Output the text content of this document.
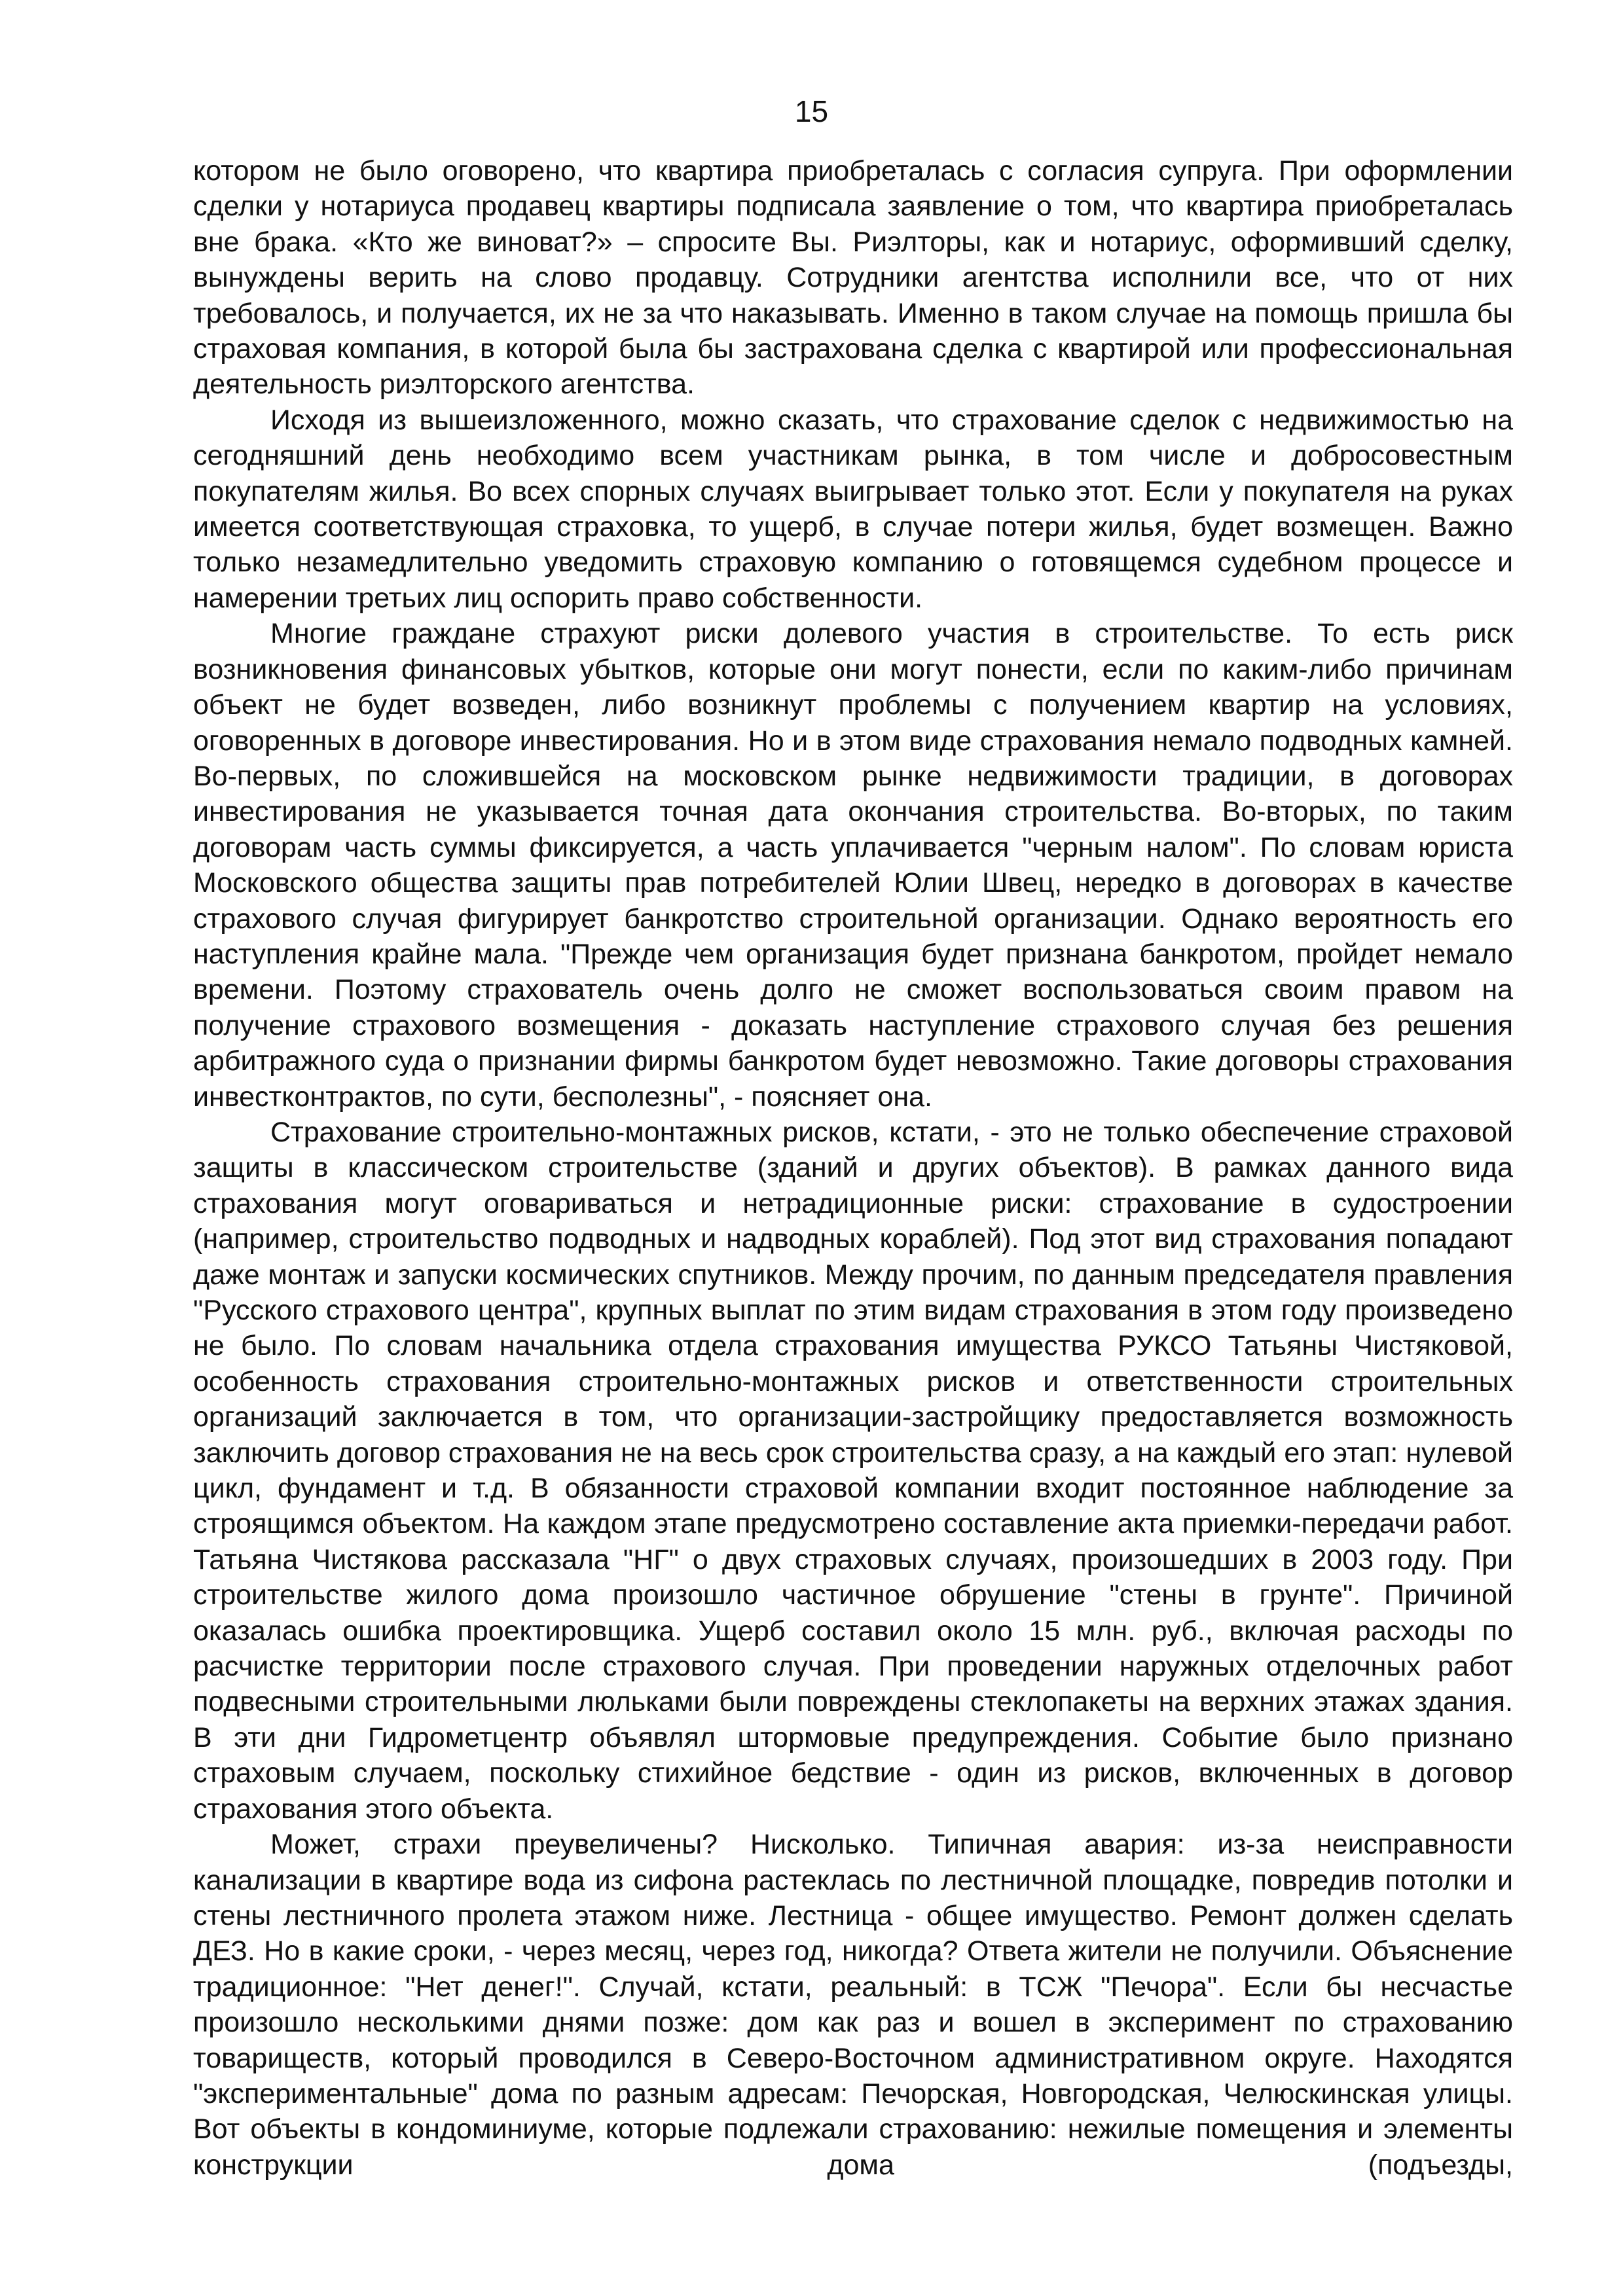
15

котором не было оговорено, что квартира приобреталась с согласия супруга. При оформлении сделки у нотариуса продавец квартиры подписала заявление о том, что квартира приобреталась вне брака. «Кто же виноват?» – спросите Вы. Риэлторы, как и нотариус, оформивший сделку, вынуждены верить на слово продавцу. Сотрудники агентства исполнили все, что от них требовалось, и получается, их не за что наказывать. Именно в таком случае на помощь пришла бы страховая компания, в которой была бы застрахована сделка с квартирой или профессиональная деятельность риэлторского агентства.

Исходя из вышеизложенного, можно сказать, что страхование сделок с недвижимостью на сегодняшний день необходимо всем участникам рынка, в том числе и добросовестным покупателям жилья. Во всех спорных случаях выигрывает только этот. Если у покупателя на руках имеется соответствующая страховка, то ущерб, в случае потери жилья, будет возмещен. Важно только незамедлительно уведомить страховую компанию о готовящемся судебном процессе и намерении третьих лиц оспорить право собственности.

Многие граждане страхуют риски долевого участия в строительстве. То есть риск возникновения финансовых убытков, которые они могут понести, если по каким-либо причинам объект не будет возведен, либо возникнут проблемы с получением квартир на условиях, оговоренных в договоре инвестирования. Но и в этом виде страхования немало подводных камней. Во-первых, по сложившейся на московском рынке недвижимости традиции, в договорах инвестирования не указывается точная дата окончания строительства. Во-вторых, по таким договорам часть суммы фиксируется, а часть уплачивается "черным налом". По словам юриста Московского общества защиты прав потребителей Юлии Швец, нередко в договорах в качестве страхового случая фигурирует банкротство строительной организации. Однако вероятность его наступления крайне мала. "Прежде чем организация будет признана банкротом, пройдет немало времени. Поэтому страхователь очень долго не сможет воспользоваться своим правом на получение страхового возмещения - доказать наступление страхового случая без решения арбитражного суда о признании фирмы банкротом будет невозможно. Такие договоры страхования инвестконтрактов, по сути, бесполезны", - поясняет она.

Страхование строительно-монтажных рисков, кстати, - это не только обеспечение страховой защиты в классическом строительстве (зданий и других объектов). В рамках данного вида страхования могут оговариваться и нетрадиционные риски: страхование в судостроении (например, строительство подводных и надводных кораблей). Под этот вид страхования попадают даже монтаж и запуски космических спутников. Между прочим, по данным председателя правления "Русского страхового центра", крупных выплат по этим видам страхования в этом году произведено не было. По словам начальника отдела страхования имущества РУКСО Татьяны Чистяковой, особенность страхования строительно-монтажных рисков и ответственности строительных организаций заключается в том, что организации-застройщику предоставляется возможность заключить договор страхования не на весь срок строительства сразу, а на каждый его этап: нулевой цикл, фундамент и т.д. В обязанности страховой компании входит постоянное наблюдение за строящимся объектом. На каждом этапе предусмотрено составление акта приемки-передачи работ. Татьяна Чистякова рассказала "НГ" о двух страховых случаях, произошедших в 2003 году. При строительстве жилого дома произошло частичное обрушение "стены в грунте". Причиной оказалась ошибка проектировщика. Ущерб составил около 15 млн. руб., включая расходы по расчистке территории после страхового случая. При проведении наружных отделочных работ подвесными строительными люльками были повреждены стеклопакеты на верхних этажах здания. В эти дни Гидрометцентр объявлял штормовые предупреждения. Событие было признано страховым случаем, поскольку стихийное бедствие - один из рисков, включенных в договор страхования этого объекта.

Может, страхи преувеличены? Нисколько. Типичная авария: из-за неисправности канализации в квартире вода из сифона растеклась по лестничной площадке, повредив потолки и стены лестничного пролета этажом ниже. Лестница - общее имущество. Ремонт должен сделать ДЕЗ. Но в какие сроки, - через месяц, через год, никогда? Ответа жители не получили. Объяснение традиционное: "Нет денег!". Случай, кстати, реальный: в ТСЖ "Печора". Если бы несчастье произошло несколькими днями позже: дом как раз и вошел в эксперимент по страхованию товариществ, который проводился в Северо-Восточном административном округе. Находятся "экспериментальные" дома по разным адресам: Печорская, Новгородская, Челюскинская улицы. Вот объекты в кондоминиуме, которые подлежали страхованию: нежилые помещения и элементы конструкции дома (подъезды,
